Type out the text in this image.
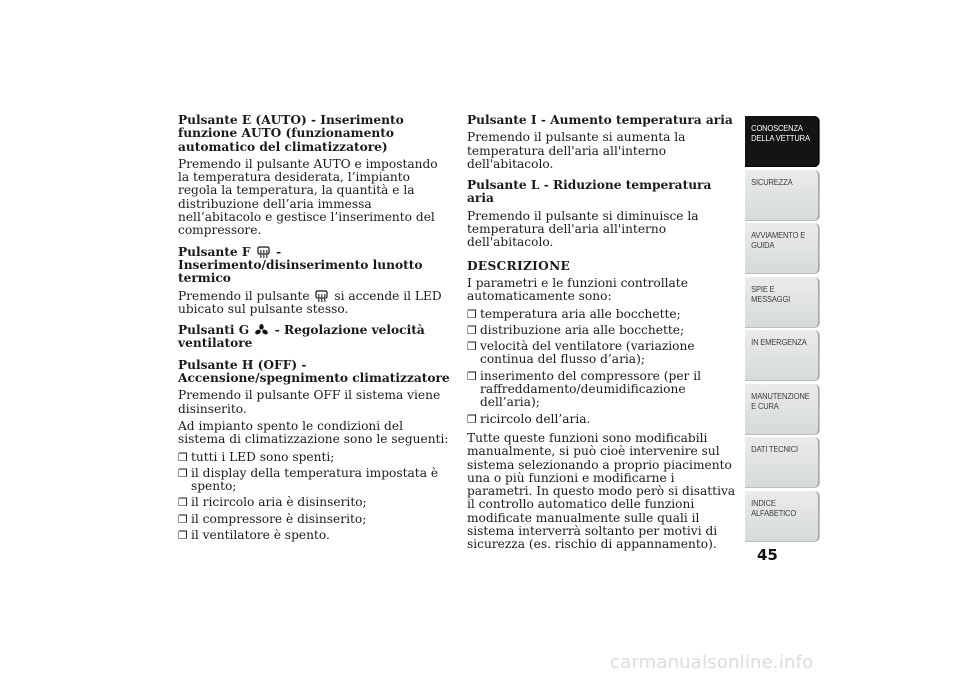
Pulsante E (AUTO) - Inserimento funzione AUTO (funzionamento automatico del climatizzatore)
Premendo il pulsante AUTO e impostando la temperatura desiderata, l’impianto regola la temperatura, la quantità e la distribuzione dell’aria immessa nell’abitacolo e gestisce l’inserimento del compressore.
Pulsante F - Inserimento/disinserimento lunotto termico
Premendo il pulsante si accende il LED ubicato sul pulsante stesso.
Pulsanti G - Regolazione velocità ventilatore
Pulsante H (OFF) - Accensione/spegnimento climatizzatore
Premendo il pulsante OFF il sistema viene disinserito.
Ad impianto spento le condizioni del sistema di climatizzazione sono le seguenti:
❒ tutti i LED sono spenti;
❒ il display della temperatura impostata è spento;
❒ il ricircolo aria è disinserito;
❒ il compressore è disinserito;
❒ il ventilatore è spento.
Pulsante I - Aumento temperatura aria
Premendo il pulsante si aumenta la temperatura dell'aria all'interno dell'abitacolo.
Pulsante L - Riduzione temperatura aria
Premendo il pulsante si diminuisce la temperatura dell'aria all'interno dell'abitacolo.
DESCRIZIONE
I parametri e le funzioni controllate automaticamente sono:
❒ temperatura aria alle bocchette;
❒ distribuzione aria alle bocchette;
❒ velocità del ventilatore (variazione continua del flusso d’aria);
❒ inserimento del compressore (per il raffreddamento/deumidificazione dell’aria);
❒ ricircolo dell’aria.
Tutte queste funzioni sono modificabili manualmente, si può cioè intervenire sul sistema selezionando a proprio piacimento una o più funzioni e modificarne i parametri. In questo modo però si disattiva il controllo automatico delle funzioni modificate manualmente sulle quali il sistema interverrà soltanto per motivi di sicurezza (es. rischio di appannamento).
CONOSCENZA DELLA VETTURA
SICUREZZA
AVVIAMENTO E GUIDA
SPIE E MESSAGGI
IN EMERGENZA
MANUTENZIONE E CURA
DATI TECNICI
INDICE ALFABETICO
45
carmanualsonline.info
